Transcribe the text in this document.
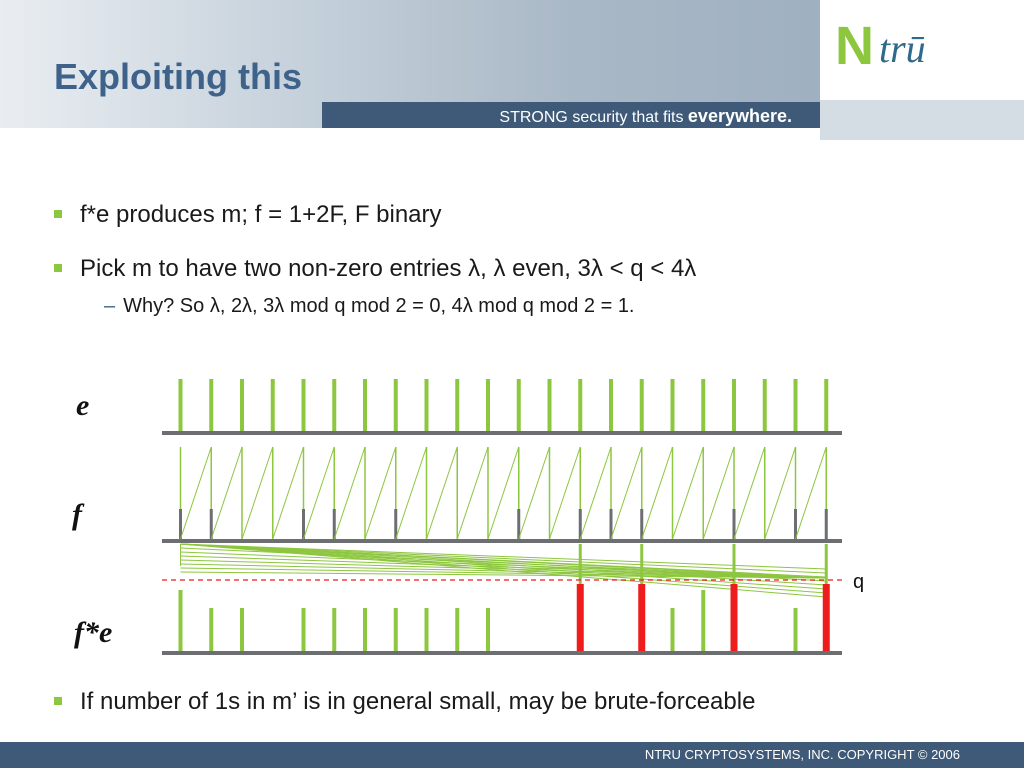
STRONG security that fits everywhere.
Exploiting this
N trū
f*e produces m; f = 1+2F, F binary
Pick m to have two non-zero entries λ, λ even, 3λ < q < 4λ
– Why? So λ, 2λ, 3λ mod q mod 2 = 0, 4λ mod q mod 2 = 1.
If number of 1s in m’ is in general small, may be brute-forceable
e
f
f*e
q
NTRU CRYPTOSYSTEMS, INC. COPYRIGHT © 2006
